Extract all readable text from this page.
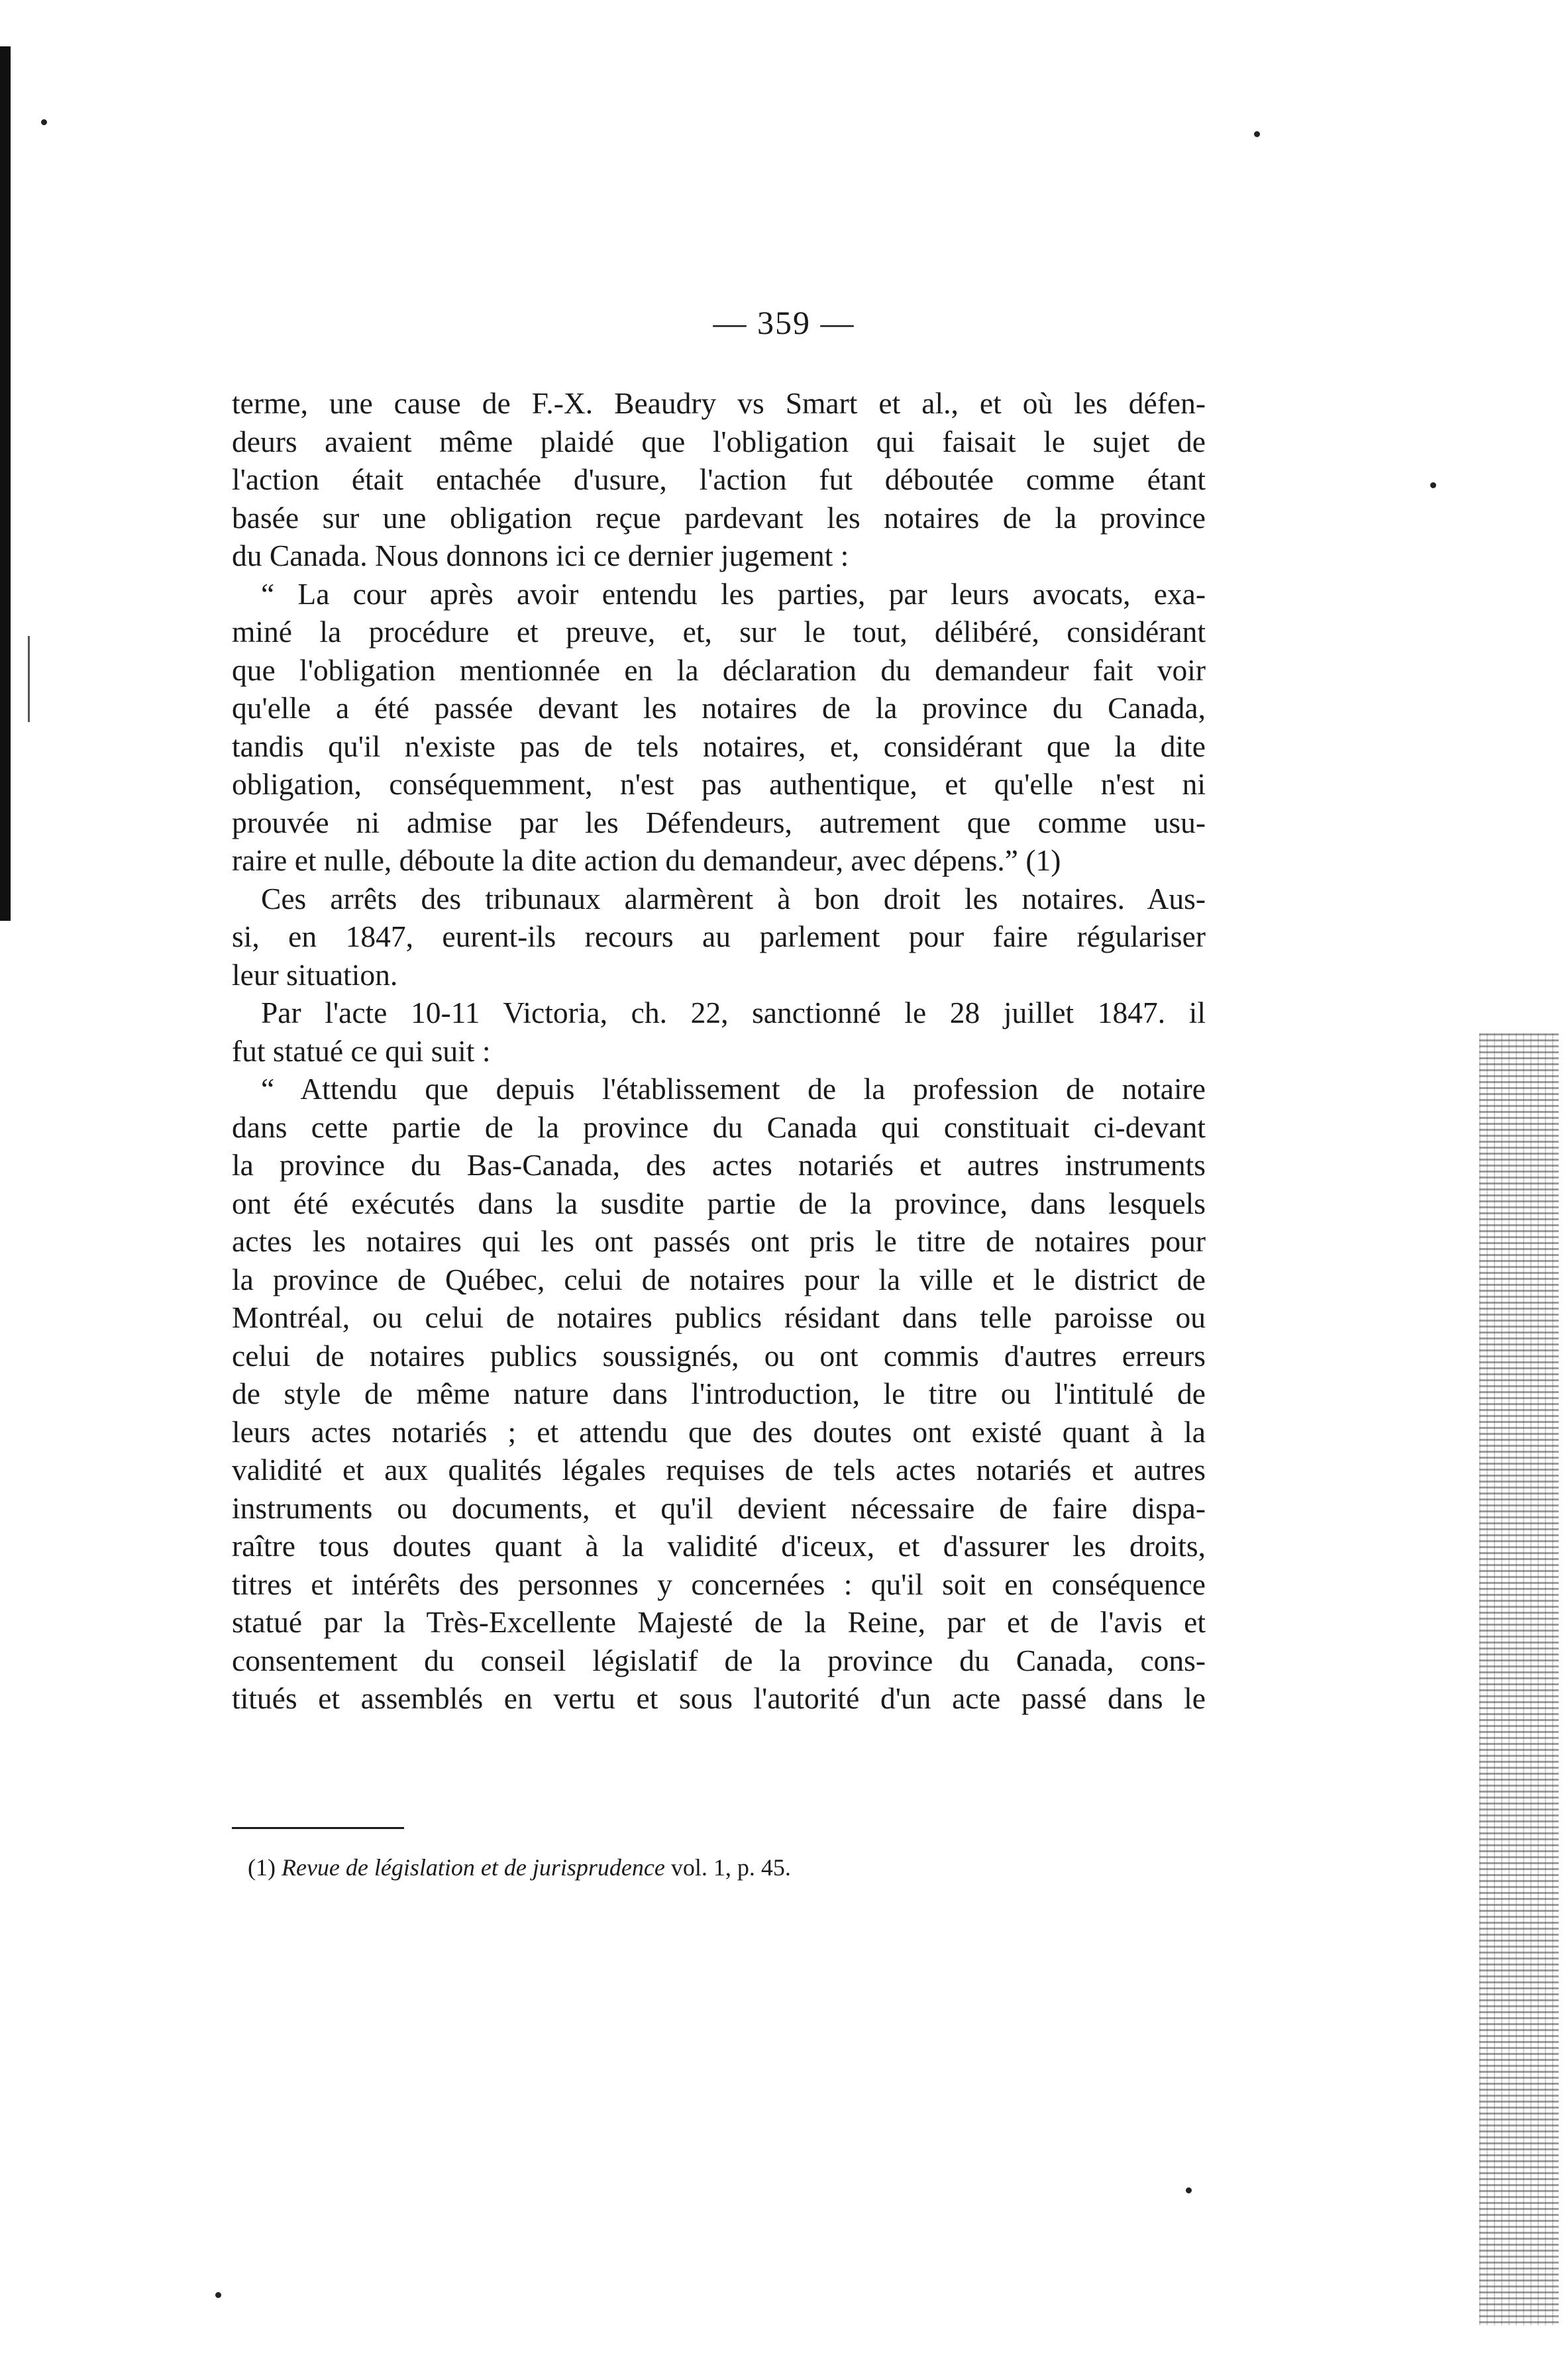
— 359 —
terme, une cause de F.-X. Beaudry vs Smart et al., et où les défen-
deurs avaient même plaidé que l'obligation qui faisait le sujet de
l'action était entachée d'usure, l'action fut déboutée comme étant
basée sur une obligation reçue pardevant les notaires de la province
du Canada. Nous donnons ici ce dernier jugement :
“ La cour après avoir entendu les parties, par leurs avocats, exa-
miné la procédure et preuve, et, sur le tout, délibéré, considérant
que l'obligation mentionnée en la déclaration du demandeur fait voir
qu'elle a été passée devant les notaires de la province du Canada,
tandis qu'il n'existe pas de tels notaires, et, considérant que la dite
obligation, conséquemment, n'est pas authentique, et qu'elle n'est ni
prouvée ni admise par les Défendeurs, autrement que comme usu-
raire et nulle, déboute la dite action du demandeur, avec dépens.” (1)
Ces arrêts des tribunaux alarmèrent à bon droit les notaires. Aus-
si, en 1847, eurent-ils recours au parlement pour faire régulariser
leur situation.
Par l'acte 10-11 Victoria, ch. 22, sanctionné le 28 juillet 1847. il
fut statué ce qui suit :
“ Attendu que depuis l'établissement de la profession de notaire
dans cette partie de la province du Canada qui constituait ci-devant
la province du Bas-Canada, des actes notariés et autres instruments
ont été exécutés dans la susdite partie de la province, dans lesquels
actes les notaires qui les ont passés ont pris le titre de notaires pour
la province de Québec, celui de notaires pour la ville et le district de
Montréal, ou celui de notaires publics résidant dans telle paroisse ou
celui de notaires publics soussignés, ou ont commis d'autres erreurs
de style de même nature dans l'introduction, le titre ou l'intitulé de
leurs actes notariés ; et attendu que des doutes ont existé quant à la
validité et aux qualités légales requises de tels actes notariés et autres
instruments ou documents, et qu'il devient nécessaire de faire dispa-
raître tous doutes quant à la validité d'iceux, et d'assurer les droits,
titres et intérêts des personnes y concernées : qu'il soit en conséquence
statué par la Très-Excellente Majesté de la Reine, par et de l'avis et
consentement du conseil législatif de la province du Canada, cons-
titués et assemblés en vertu et sous l'autorité d'un acte passé dans le
(1) Revue de législation et de jurisprudence vol. 1, p. 45.
